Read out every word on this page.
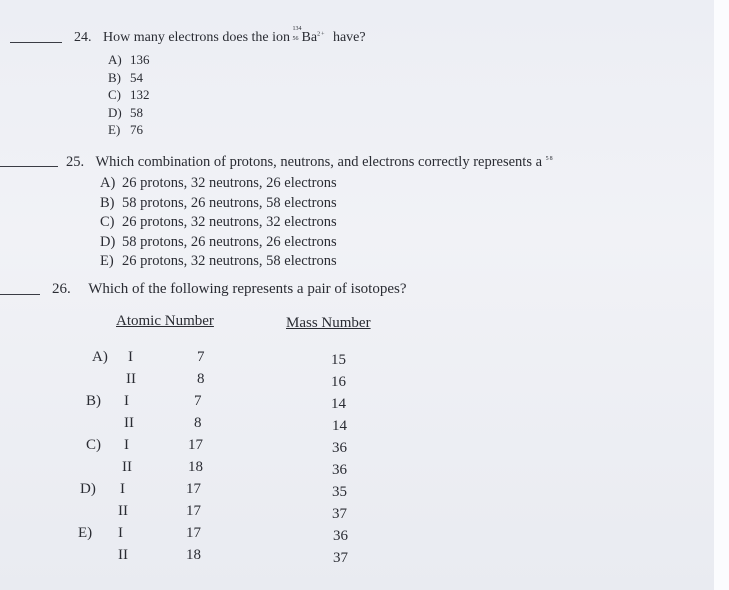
24. How many electrons does the ion
134
56 $Ba^{2+}$ have?
A) 136
B) 54
C) 132
D) 58
E) 76
25. Which combination of protons, neutrons, and electrons correctly represents a $^{58}$
A) 26 protons, 32 neutrons, 26 electrons
B) 58 protons, 26 neutrons, 58 electrons
C) 26 protons, 32 neutrons, 32 electrons
D) 58 protons, 26 neutrons, 26 electrons
E) 26 protons, 32 neutrons, 58 electrons
26. Which of the following represents a pair of isotopes?
Atomic Number	Mass Number
A) I	7	15
II	8	16
B) I	7	14
II	8	14
C) I	17	36
II	18	36
D) I	17	35
II	17	37
E) I	17	36
II	18	37
